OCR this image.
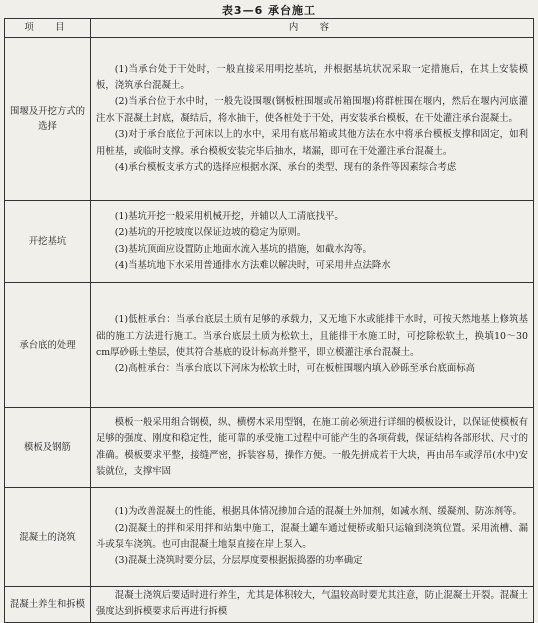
表3—6 承台施工
项　目	内　容
围堰及开挖方式的选择	(1)当承台处于干处时，一般直接采用明挖基坑，并根据基坑状况采取一定措施后，在其上安装模板，浇筑承台混凝土。
(2)当承台位于水中时，一般先设围堰(钢板桩围堰或吊箱围堰)将群桩围在堰内，然后在堰内河底灌注水下混凝土封底，凝结后，将水抽干，使各桩处于干处，再安装承台模板，在干处灌注承台混凝土。
(3)对于承台底位于河床以上的水中，采用有底吊箱或其他方法在水中将承台模板支撑和固定，如利用桩基，或临时支撑。承台模板安装完毕后抽水，堵漏，即可在干处灌注承台混凝土。
(4)承台模板支承方式的选择应根据水深、承台的类型、现有的条件等因素综合考虑

开挖基坑	(1)基坑开挖一般采用机械开挖，并辅以人工清底找平。
(2)基坑的开挖坡度以保证边坡的稳定为原则。
(3)基坑顶面应设置防止地面水流入基坑的措施，如截水沟等。
(4)当基坑地下水采用普通排水方法难以解决时，可采用井点法降水

承台底的处理	(1)低桩承台：当承台底层土质有足够的承载力，又无地下水或能排干水时，可按天然地基上修筑基础的施工方法进行施工。当承台底层土质为松软土，且能排干水施工时，可挖除松软土，换填10～30 cm厚砂砾土垫层，使其符合基底的设计标高并整平，即立模灌注承台混凝土。
(2)高桩承台：当承台底以下河床为松软土时，可在板桩围堰内填入砂砾至承台底面标高

模板及钢筋	模板一般采用组合钢模，纵、横楞木采用型钢，在施工前必须进行详细的模板设计，以保证使模板有足够的强度、刚度和稳定性，能可靠的承受施工过程中可能产生的各项荷载，保证结构各部形状、尺寸的准确。模板要求平整，接缝严密，拆装容易，操作方便。一般先拼成若干大块，再由吊车或浮吊(水中)安装就位，支撑牢固

混凝土的浇筑	(1)为改善混凝土的性能，根据具体情况掺加合适的混凝土外加剂，如减水剂、缓凝剂、防冻剂等。
(2)混凝土的拌和采用拌和站集中施工，混凝土罐车通过便桥或船只运输到浇筑位置。采用流槽、漏斗或泵车浇筑。也可由混凝土地泵直接在岸上泵入。
(3)混凝土浇筑时要分层，分层厚度要根据振捣器的功率确定

混凝土养生和拆模	混凝土浇筑后要适时进行养生，尤其是体积较大，气温较高时要尤其注意，防止混凝土开裂。混凝土强度达到拆模要求后再进行拆模
